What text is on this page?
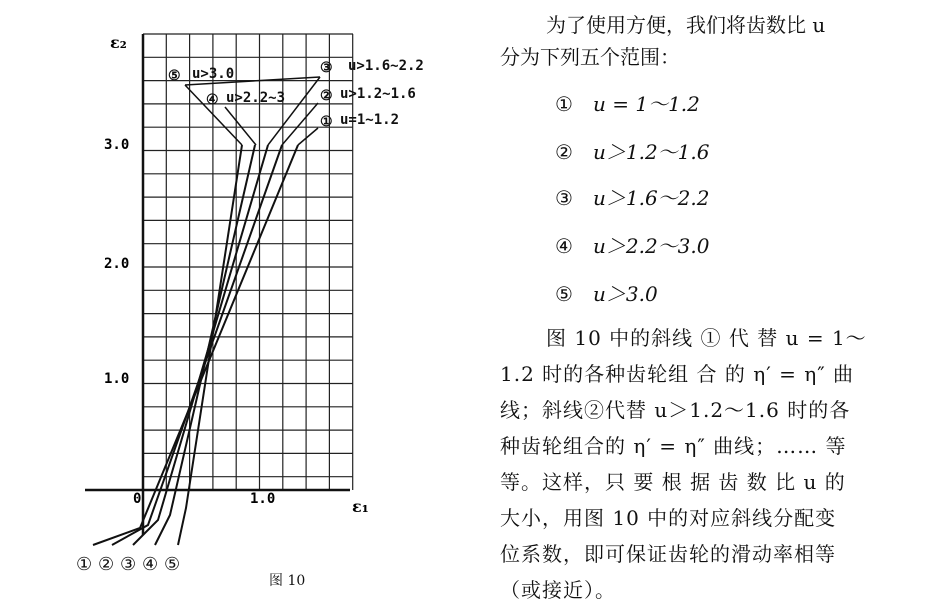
ε₂
ε₁
3.0
2.0
1.0
0	1.0
⑤ u>3.0	③ u>1.6~2.2
④ u>2.2~3 ② u>1.2~1.6
① u=1~1.2
① ② ③ ④ ⑤
图 10
为了使用方便，我们将齿数比 u
分为下列五个范围：
① u = 1～1.2
② u＞1.2～1.6
③ u＞1.6～2.2
④ u＞2.2～3.0
⑤ u＞3.0
图 10 中的斜线 ① 代 替 u = 1～
1.2 时的各种齿轮组 合 的 η′ = η″ 曲
线；斜线②代替 u＞1.2～1.6 时的各
种齿轮组合的 η′ = η″ 曲线；…… 等
等。这样，只 要 根 据 齿 数 比 u 的
大小，用图 10 中的对应斜线分配变
位系数，即可保证齿轮的滑动率相等
（或接近）。
